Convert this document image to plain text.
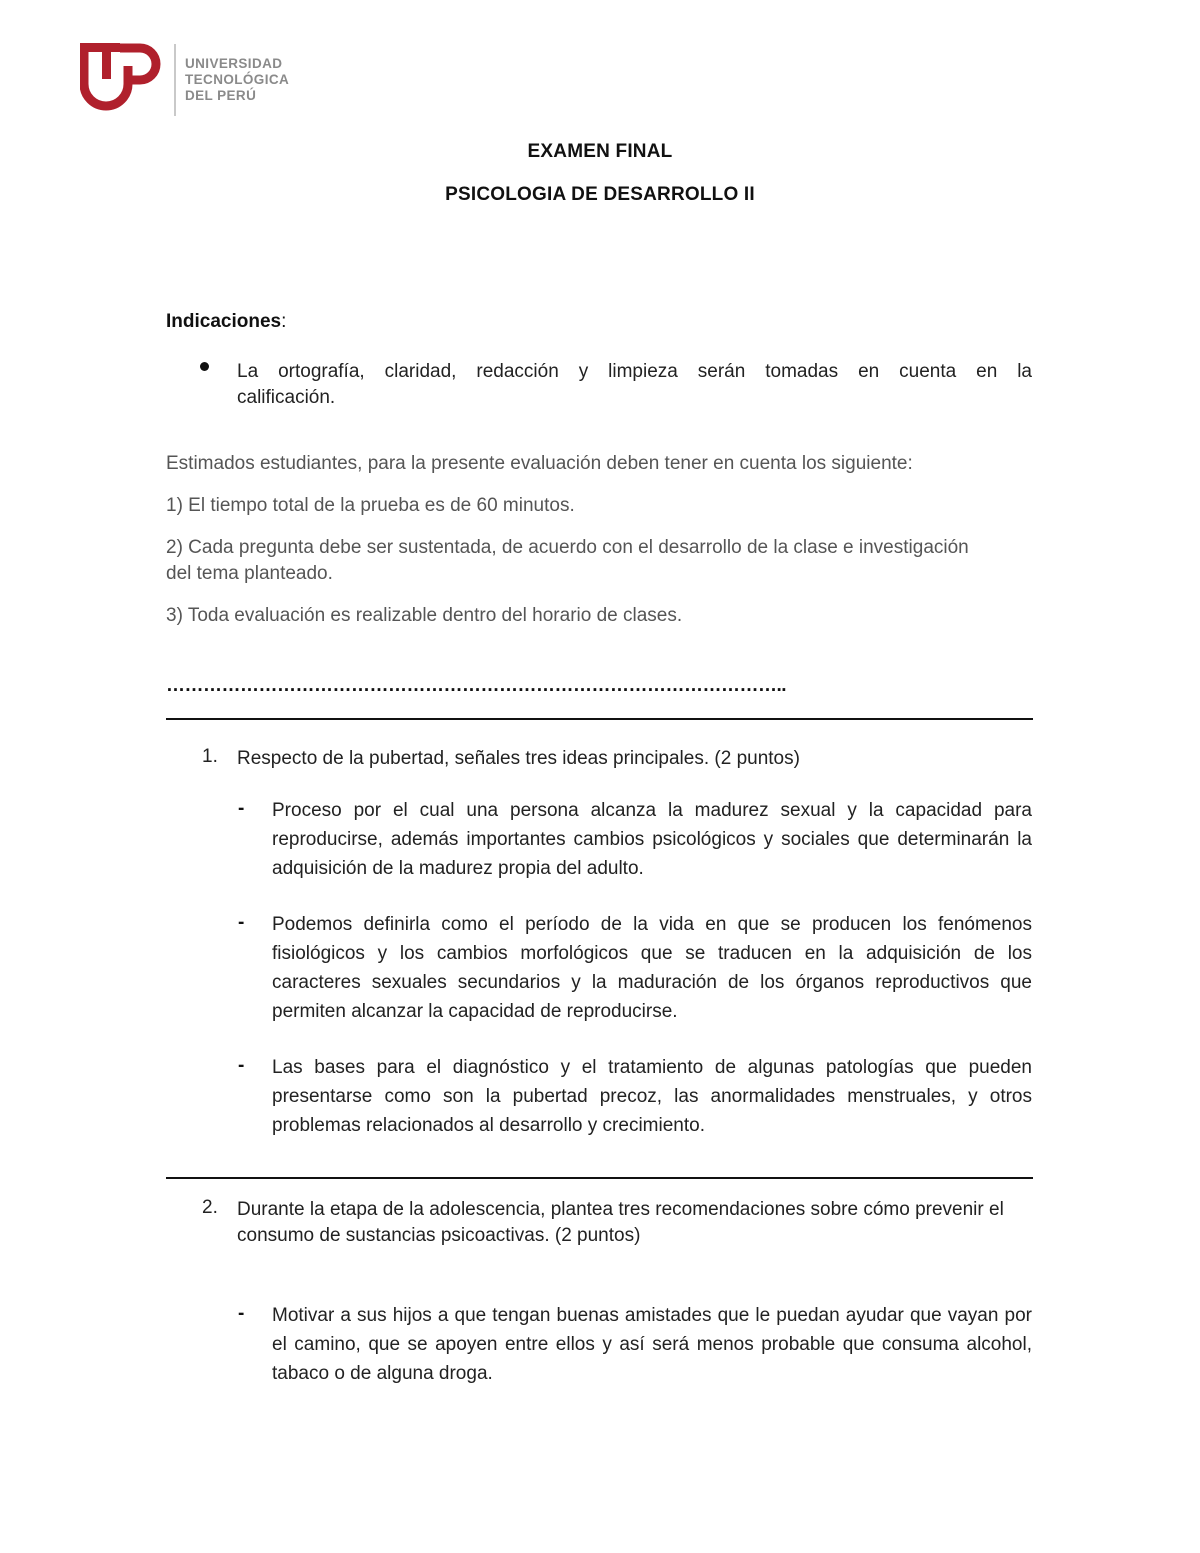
UNIVERSIDAD
TECNOLÓGICA
DEL PERÚ
EXAMEN FINAL
PSICOLOGIA DE DESARROLLO II
Indicaciones:
La ortografía, claridad, redacción y limpieza serán tomadas en cuenta en la
calificación.
Estimados estudiantes, para la presente evaluación deben tener en cuenta los siguiente:
1) El tiempo total de la prueba es de 60 minutos.
2) Cada pregunta debe ser sustentada, de acuerdo con el desarrollo de la clase e investigación del tema planteado.
3) Toda evaluación es realizable dentro del horario de clases.
………………………………………………………………………………………..
1. Respecto de la pubertad, señales tres ideas principales. (2 puntos)
- Proceso por el cual una persona alcanza la madurez sexual y la capacidad para reproducirse, además importantes cambios psicológicos y sociales que determinarán la adquisición de la madurez propia del adulto.
- Podemos definirla como el período de la vida en que se producen los fenómenos fisiológicos y los cambios morfológicos que se traducen en la adquisición de los caracteres sexuales secundarios y la maduración de los órganos reproductivos que permiten alcanzar la capacidad de reproducirse.
- Las bases para el diagnóstico y el tratamiento de algunas patologías que pueden presentarse como son la pubertad precoz, las anormalidades menstruales, y otros problemas relacionados al desarrollo y crecimiento.
2. Durante la etapa de la adolescencia, plantea tres recomendaciones sobre cómo prevenir el consumo de sustancias psicoactivas. (2 puntos)
- Motivar a sus hijos a que tengan buenas amistades que le puedan ayudar que vayan por el camino, que se apoyen entre ellos y así será menos probable que consuma alcohol, tabaco o de alguna droga.
